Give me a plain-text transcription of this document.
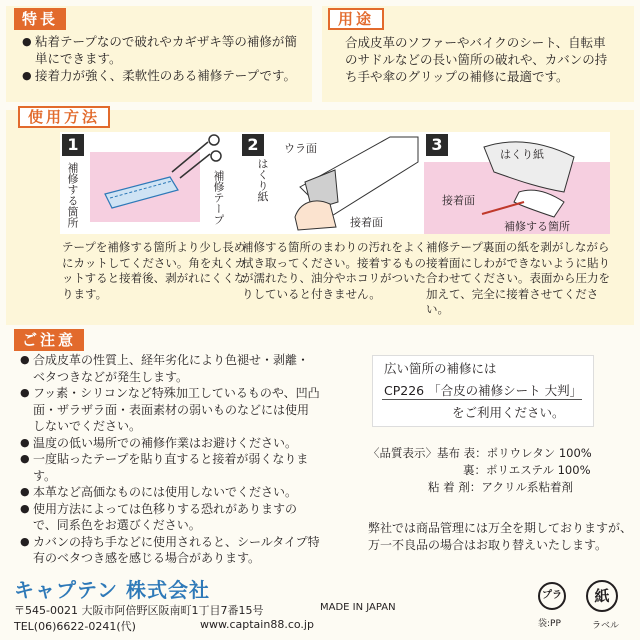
特長
● 粘着テープなので破れやカギザキ等の補修が簡単にできます。
● 接着力が強く、柔軟性のある補修テープです。
用途
合成皮革のソファーやバイクのシート、自転車のサドルなどの長い箇所の破れや、カバンの持ち手や傘のグリップの補修に最適です。
使用方法
1
補修する箇所	補修テープ
テープを補修する箇所より少し長めにカットしてください。角を丸くカットすると接着後、剥がれにくくなります。
2	ウラ面
はくり紙
接着面
補修する箇所のまわりの汚れをよく拭き取ってください。接着するものが濡れたり、油分やホコリがついたりしていると付きません。
3
はくり紙
接着面
補修する箇所
補修テープ裏面の紙を剥がしながら接着面にしわができないように貼り合わせてください。表面から圧力を加えて、完全に接着させてください。
ご注意
● 合成皮革の性質上、経年劣化により色褪せ・剥離・ベタつきなどが発生します。
● フッ素・シリコンなど特殊加工しているものや、凹凸面・ザラザラ面・表面素材の弱いものなどには使用しないでください。
● 温度の低い場所での補修作業はお避けください。
● 一度貼ったテープを貼り直すると接着が弱くなります。
● 本革など高価なものには使用しないでください。
● 使用方法によっては色移りする恐れがありますので、同系色をお選びください。
● カバンの持ち手などに使用されると、シールタイプ特有のベタつき感を感じる場合があります。
広い箇所の補修には
CP226 「合皮の補修シート 大判」
をご利用ください。
〈品質表示〉基布 表：ポリウレタン 100%
裏：ポリエステル 100%
粘 着 剤：アクリル系粘着剤
弊社では商品管理には万全を期しておりますが、万一不良品の場合はお取り替えいたします。
キャプテン 株式会社
〒545-0021 大阪市阿倍野区阪南町1丁目7番15号	MADE IN JAPAN
TEL(06)6622-0241(代)	www.captain88.co.jp
プラ
袋:PP
紙
ラベル
